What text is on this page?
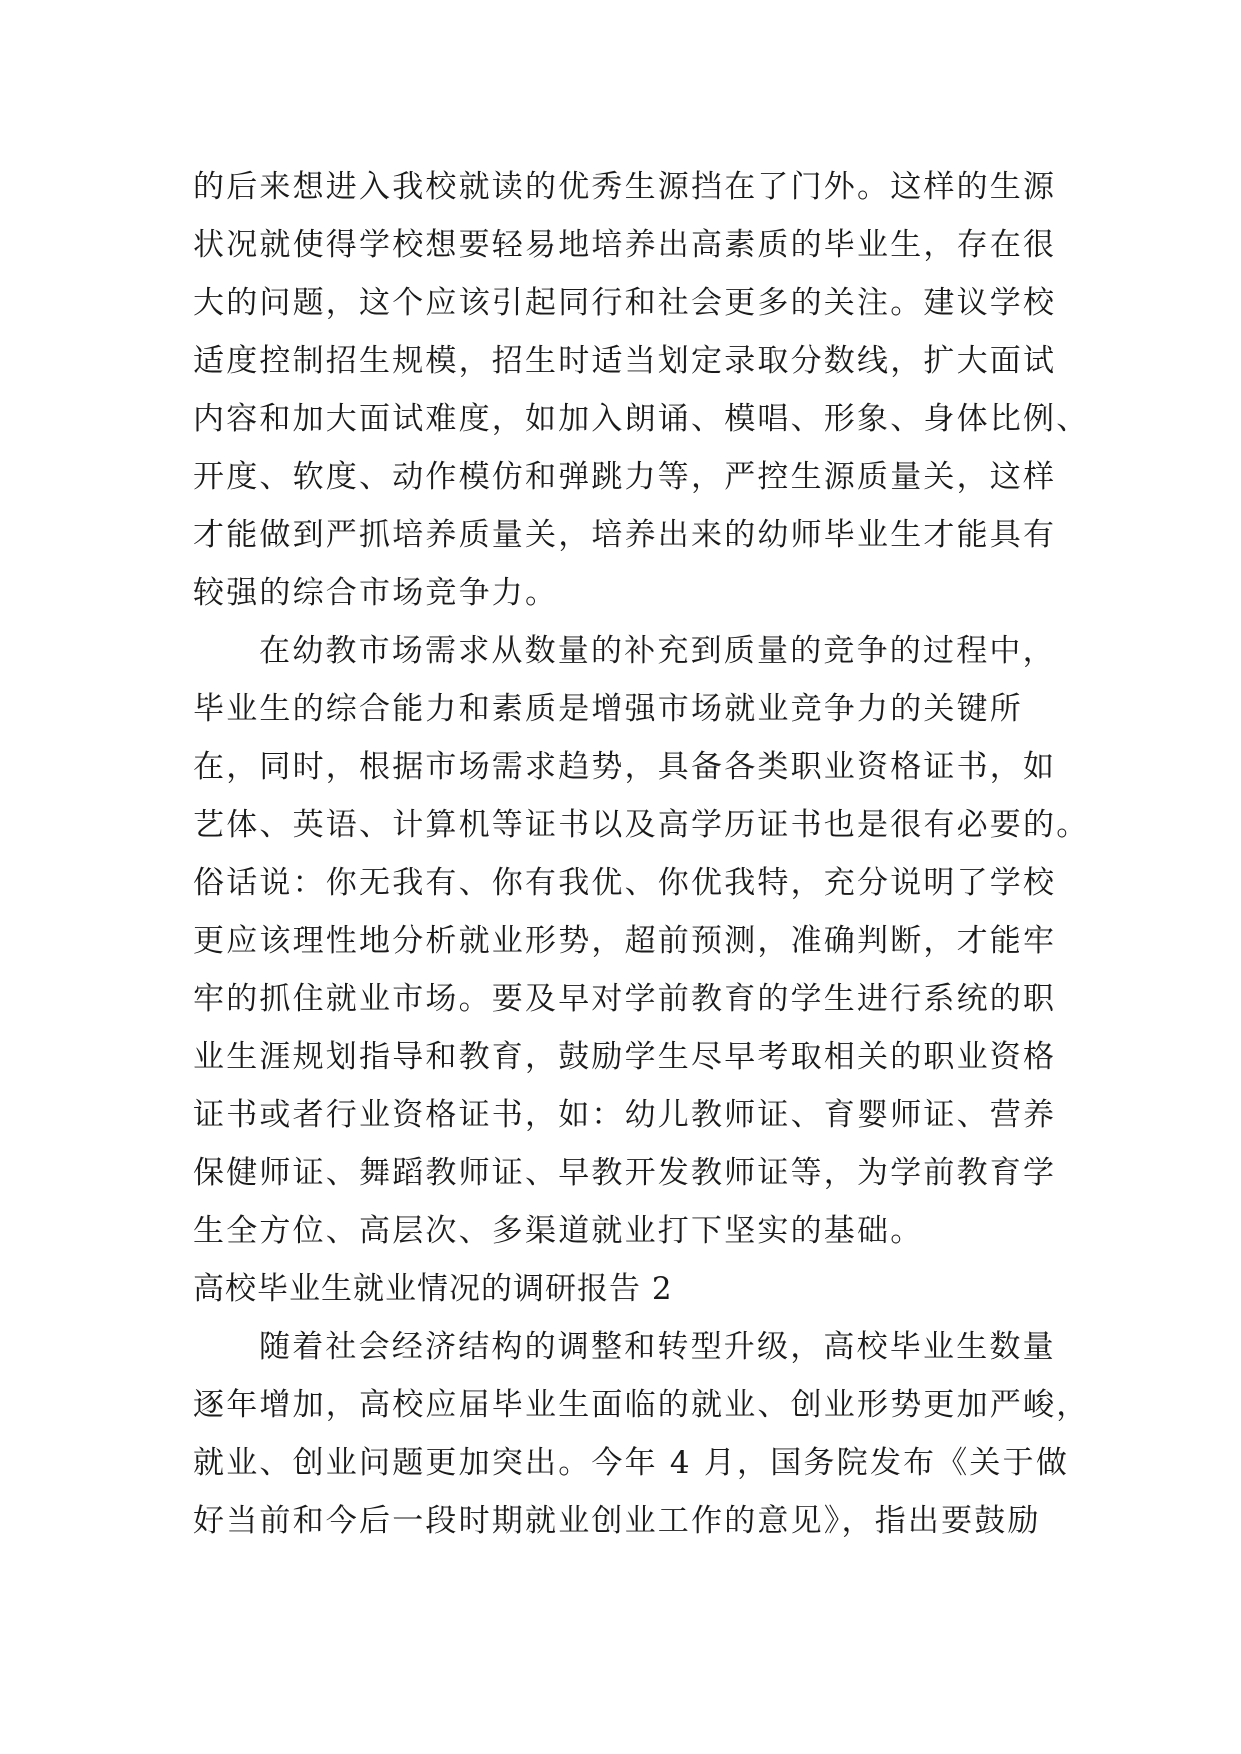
的后来想进入我校就读的优秀生源挡在了门外。这样的生源
状况就使得学校想要轻易地培养出高素质的毕业生，存在很
大的问题，这个应该引起同行和社会更多的关注。建议学校
适度控制招生规模，招生时适当划定录取分数线，扩大面试
内容和加大面试难度，如加入朗诵、模唱、形象、身体比例、
开度、软度、动作模仿和弹跳力等，严控生源质量关，这样
才能做到严抓培养质量关，培养出来的幼师毕业生才能具有
较强的综合市场竞争力。
在幼教市场需求从数量的补充到质量的竞争的过程中，
毕业生的综合能力和素质是增强市场就业竞争力的关键所
在，同时，根据市场需求趋势，具备各类职业资格证书，如
艺体、英语、计算机等证书以及高学历证书也是很有必要的。
俗话说：你无我有、你有我优、你优我特，充分说明了学校
更应该理性地分析就业形势，超前预测，准确判断，才能牢
牢的抓住就业市场。要及早对学前教育的学生进行系统的职
业生涯规划指导和教育，鼓励学生尽早考取相关的职业资格
证书或者行业资格证书，如：幼儿教师证、育婴师证、营养
保健师证、舞蹈教师证、早教开发教师证等，为学前教育学
生全方位、高层次、多渠道就业打下坚实的基础。
高校毕业生就业情况的调研报告 2
随着社会经济结构的调整和转型升级，高校毕业生数量
逐年增加，高校应届毕业生面临的就业、创业形势更加严峻，
就业、创业问题更加突出。今年 4 月，国务院发布《关于做
好当前和今后一段时期就业创业工作的意见》，指出要鼓励
